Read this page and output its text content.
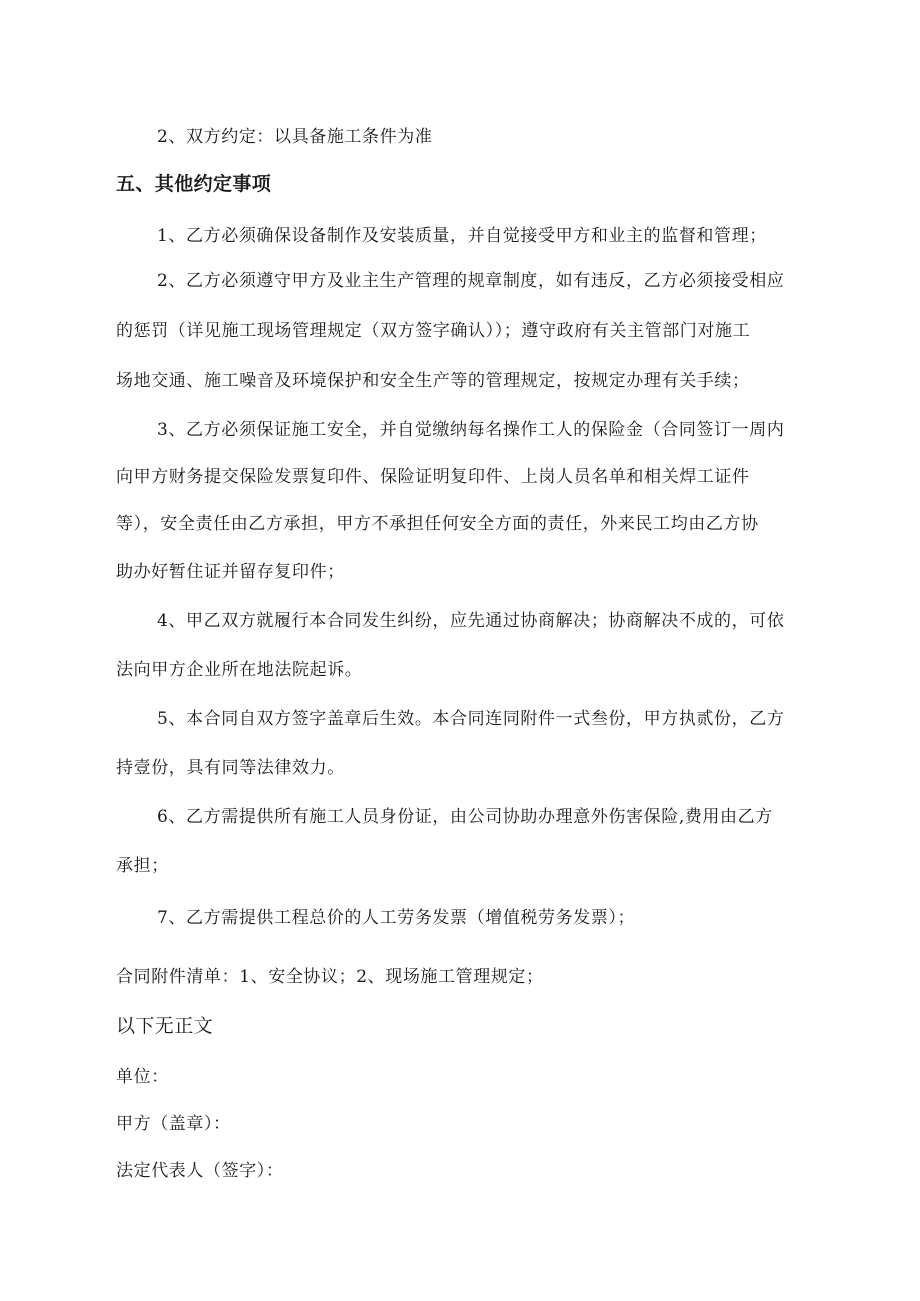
2、双方约定：以具备施工条件为准
五、其他约定事项
1、乙方必须确保设备制作及安装质量，并自觉接受甲方和业主的监督和管理；
2、乙方必须遵守甲方及业主生产管理的规章制度，如有违反，乙方必须接受相应
的惩罚（详见施工现场管理规定（双方签字确认））；遵守政府有关主管部门对施工
场地交通、施工噪音及环境保护和安全生产等的管理规定，按规定办理有关手续；
3、乙方必须保证施工安全，并自觉缴纳每名操作工人的保险金（合同签订一周内
向甲方财务提交保险发票复印件、保险证明复印件、上岗人员名单和相关焊工证件
等），安全责任由乙方承担，甲方不承担任何安全方面的责任，外来民工均由乙方协
助办好暂住证并留存复印件；
4、甲乙双方就履行本合同发生纠纷，应先通过协商解决；协商解决不成的，可依
法向甲方企业所在地法院起诉。
5、本合同自双方签字盖章后生效。本合同连同附件一式叁份，甲方执贰份，乙方
持壹份，具有同等法律效力。
6、乙方需提供所有施工人员身份证，由公司协助办理意外伤害保险,费用由乙方
承担；
7、乙方需提供工程总价的人工劳务发票（增值税劳务发票）；
合同附件清单：1、安全协议；2、现场施工管理规定；
以下无正文
单位：
甲方（盖章）：
法定代表人（签字）：
